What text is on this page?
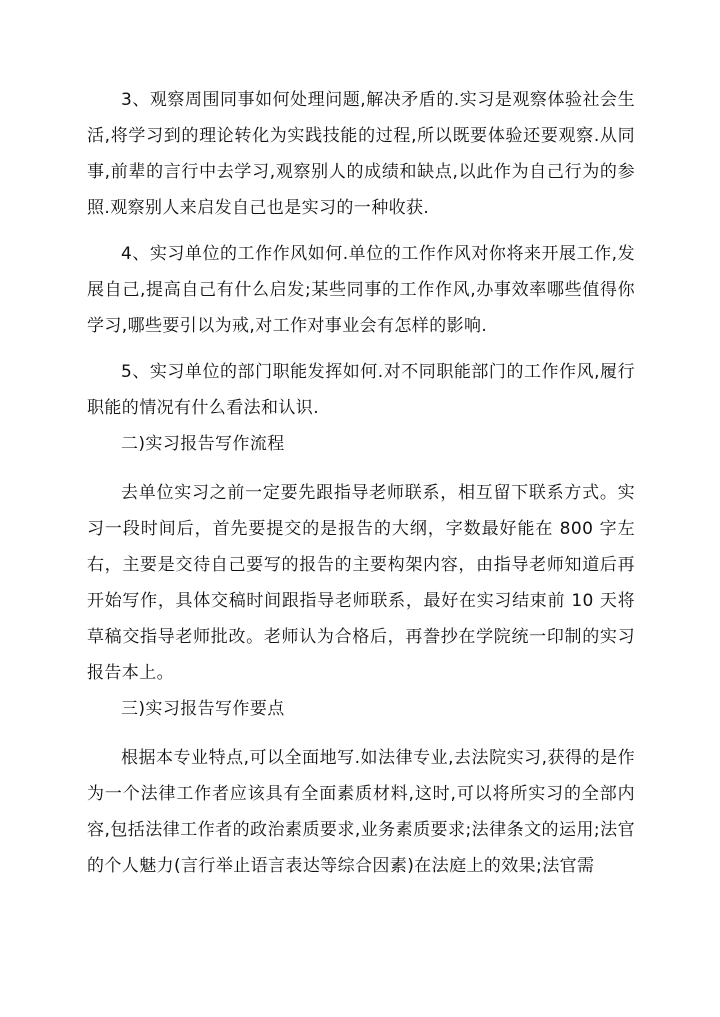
3、观察周围同事如何处理问题,解决矛盾的.实习是观察体验社会生活,将学习到的理论转化为实践技能的过程,所以既要体验还要观察.从同事,前辈的言行中去学习,观察别人的成绩和缺点,以此作为自己行为的参照.观察别人来启发自己也是实习的一种收获.

4、实习单位的工作作风如何.单位的工作作风对你将来开展工作,发展自己,提高自己有什么启发;某些同事的工作作风,办事效率哪些值得你学习,哪些要引以为戒,对工作对事业会有怎样的影响.

5、实习单位的部门职能发挥如何.对不同职能部门的工作作风,履行职能的情况有什么看法和认识.

二)实习报告写作流程

去单位实习之前一定要先跟指导老师联系，相互留下联系方式。实习一段时间后，首先要提交的是报告的大纲，字数最好能在 800 字左右，主要是交待自己要写的报告的主要构架内容，由指导老师知道后再开始写作，具体交稿时间跟指导老师联系，最好在实习结束前 10 天将草稿交指导老师批改。老师认为合格后，再誊抄在学院统一印制的实习报告本上。

三)实习报告写作要点

根据本专业特点,可以全面地写.如法律专业,去法院实习,获得的是作为一个法律工作者应该具有全面素质材料,这时,可以将所实习的全部内容,包括法律工作者的政治素质要求,业务素质要求;法律条文的运用;法官的个人魅力(言行举止语言表达等综合因素)在法庭上的效果;法官需
